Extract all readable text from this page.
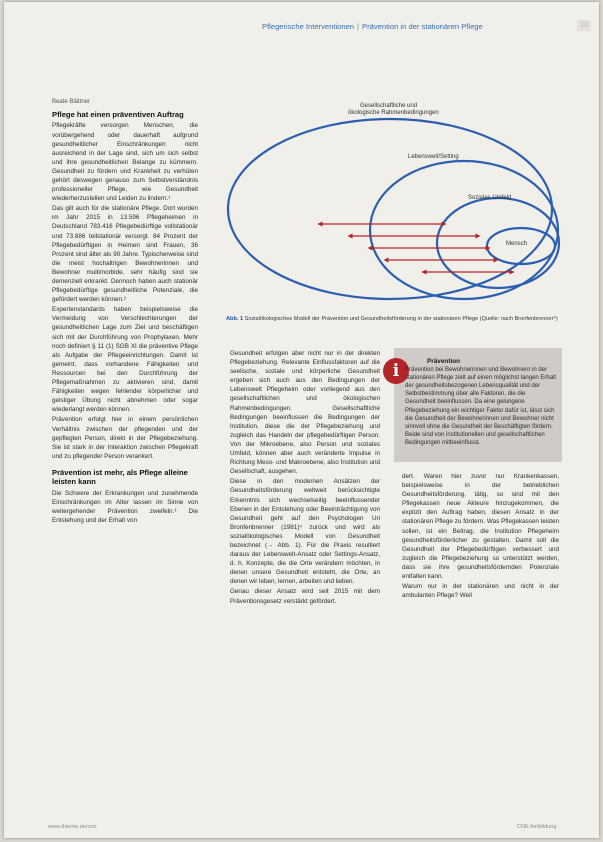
Pflegerische Interventionen | Prävention in der stationären Pflege	13
Beate Blättner
Pflege hat einen präventiven Auftrag

Pflegekräfte versorgen Menschen, die vorübergehend oder dauerhaft aufgrund gesundheitlicher Einschränkungen nicht ausreichend in der Lage sind, sich um sich selbst und ihre gesundheitlichen Belange zu kümmern. Gesundheit zu fördern und Krankheit zu verhüten gehört deswegen genauso zum Selbstverständnis professioneller Pflege, wie Gesundheit wiederherzustellen und Leiden zu lindern.¹

Das gilt auch für die stationäre Pflege. Dort wurden im Jahr 2015 in 13.596 Pflegeheimen in Deutschland 783.416 Pflegebedürftige vollstationär und 73.886 teilstationär versorgt. 84 Prozent der Pflegebedürftigen in Heimen sind Frauen, 36 Prozent sind älter als 90 Jahre. Typischerweise sind die meist hochaltrigen Bewohnerinnen und Bewohner multimorbide, sehr häufig sind sie demenziell erkrankt. Dennoch haben auch stationär Pflegebedürftige gesundheitliche Potenziale, die gefördert werden können.²

Expertenstandards haben beispielsweise die Vermeidung von Verschlechterungen der gesundheitlichen Lage zum Ziel und beschäftigen sich mit der Durchführung von Prophylaxen. Mehr noch definiert § 11 (1) SGB XI die präventive Pflege als Aufgabe der Pflegeeinrichtungen. Damit ist gemeint, dass vorhandene Fähigkeiten und Ressourcen bei den Durchführung der Pflegemaßnahmen zu aktivieren sind, damit Fähigkeiten wegen fehlender körperlicher und geistiger Übung nicht abnehmen oder sogar wiederlangt werden können.

Prävention erfolgt hier in einem persönlichen Verhältnis zwischen der pflegenden und der gepflegten Person, direkt in der Pflegebeziehung. Sie ist stark in der Interaktion zwischen Pflegekraft und zu pflegender Person verankert.

Prävention ist mehr, als Pflege alleine leisten kann

Die Schwere der Erkrankungen und zunehmende Einschränkungen im Alter lassen im Sinne von weitergehender Prävention zweifeln.³ Die Entstehung und der Erhalt von

Gesellschaftliche und ökologische Rahmenbedingungen
Lebenswelt/Setting
Soziales Umfeld
Mensch
Abb. 1 Sozialökologisches Modell der Prävention und Gesundheitsförderung in der stationären Pflege (Quelle: nach Bronfenbrenner⁴)

Gesundheit erfolgen aber nicht nur in der direkten Pflegebeziehung. Relevante Einflussfaktoren auf die seelische, soziale und körperliche Gesundheit ergeben sich auch aus den Bedingungen der Lebenswelt Pflegeheim oder vorliegend aus den gesellschaftlichen und ökologischen Rahmenbedingungen. Gesellschaftliche Bedingungen beeinflussen die Bedingungen der Institution, diese die der Pflegebeziehung und zugleich das Handeln der pflegebedürftigen Person. Von der Mikroebene, also Person und soziales Umfeld, können aber auch veränderte Impulse in Richtung Meso- und Makroebene, also Institution und Gesellschaft, ausgehen.

Diese in den modernen Ansätzen der Gesundheitsförderung weltweit berücksichtigte Erkenntnis sich wechselseitig beeinflussender Ebenen in der Entstehung oder Beeinträchtigung von Gesundheit geht auf den Psychologen Uri Bronfenbrenner (1981)⁴ zurück und wird als sozialökologisches Modell von Gesundheit bezeichnet (→ Abb. 1). Für die Praxis resultiert daraus der Lebenswelt-Ansatz oder Settings-Ansatz, d. h. Konzepte, die die Orte verändern möchten, in denen unsere Gesundheit entsteht, die Orte, an denen wir leben, lernen, arbeiten und lieben.

Genau dieser Ansatz wird seit 2015 mit dem Präventionsgesetz verstärkt gefördert.

i	Prävention
Prävention bei Bewohnerinnen und Bewohnern in der stationären Pflege zielt auf einen möglichst langen Erhalt der gesundheitsbezogenen Lebensqualität und der Selbstbestimmung über alle Faktoren, die die Gesundheit beeinflussen. Da eine gelungene Pflegebeziehung ein wichtiger Faktor dafür ist, lässt sich die Gesundheit der Bewohnerinnen und Bewohner nicht sinnvoll ohne die Gesundheit der Beschäftigten fördern. Beide sind von institutionellen und gesellschaftlichen Bedingungen mitbeeinflusst.

dert. Waren hier zuvor nur Krankenkassen, beispielsweise in der betrieblichen Gesundheitsförderung, tätig, so sind mit den Pflegekassen neue Akteure hinzugekommen, die explizit den Auftrag haben, diesen Ansatz in der stationären Pflege zu fördern. Was Pflegekassen leisten sollen, ist ein Beitrag, die Institution Pflegeheim gesundheitsförderlicher zu gestalten. Damit soll die Gesundheit der Pflegebedürftigen verbessert und zugleich die Pflegebeziehung so unterstützt werden, dass sie ihre gesundheitsfördernden Potenziale entfalten kann.

Warum nur in der stationären und nicht in der ambulanten Pflege? Weil

www.thieme.de/cne	CNE.fortbildung
